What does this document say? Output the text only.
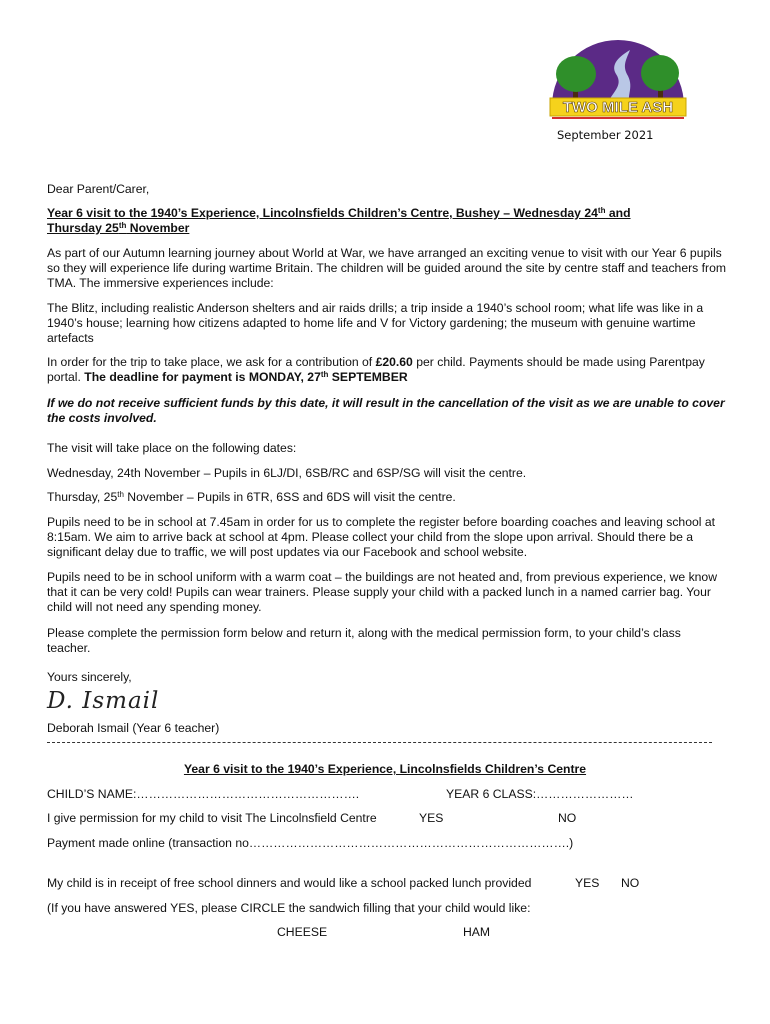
TWO MILE ASH
September 2021

Dear Parent/Carer,

Year 6 visit to the 1940’s Experience, Lincolnsfields Children’s Centre, Bushey – Wednesday 24th and
Thursday 25th November

As part of our Autumn learning journey about World at War, we have arranged an exciting venue to visit with our Year 6 pupils so they will experience life during wartime Britain. The children will be guided around the site by centre staff and teachers from TMA. The immersive experiences include:

The Blitz, including realistic Anderson shelters and air raids drills; a trip inside a 1940’s school room; what life was like in a 1940’s house; learning how citizens adapted to home life and V for Victory gardening; the museum with genuine wartime artefacts

In order for the trip to take place, we ask for a contribution of £20.60 per child. Payments should be made using Parentpay portal. The deadline for payment is MONDAY, 27th SEPTEMBER

If we do not receive sufficient funds by this date, it will result in the cancellation of the visit as we are unable to cover the costs involved.

The visit will take place on the following dates:

Wednesday, 24th November – Pupils in 6LJ/DI, 6SB/RC and 6SP/SG will visit the centre.

Thursday, 25th November – Pupils in 6TR, 6SS and 6DS will visit the centre.

Pupils need to be in school at 7.45am in order for us to complete the register before boarding coaches and leaving school at 8:15am. We aim to arrive back at school at 4pm. Please collect your child from the slope upon arrival. Should there be a significant delay due to traffic, we will post updates via our Facebook and school website.

Pupils need to be in school uniform with a warm coat – the buildings are not heated and, from previous experience, we know that it can be very cold! Pupils can wear trainers. Please supply your child with a packed lunch in a named carrier bag. Your child will not need any spending money.

Please complete the permission form below and return it, along with the medical permission form, to your child’s class teacher.

Yours sincerely,

D. Ismail

Deborah Ismail (Year 6 teacher)

Year 6 visit to the 1940’s Experience, Lincolnsfields Children’s Centre
CHILD’S NAME:……………………………………………….	YEAR 6 CLASS:……………………
I give permission for my child to visit The Lincolnsfield Centre	YES	NO
Payment made online (transaction no…………………………………………………………………….)
My child is in receipt of free school dinners and would like a school packed lunch provided	YES NO
(If you have answered YES, please CIRCLE the sandwich filling that your child would like:
CHEESE	HAM
